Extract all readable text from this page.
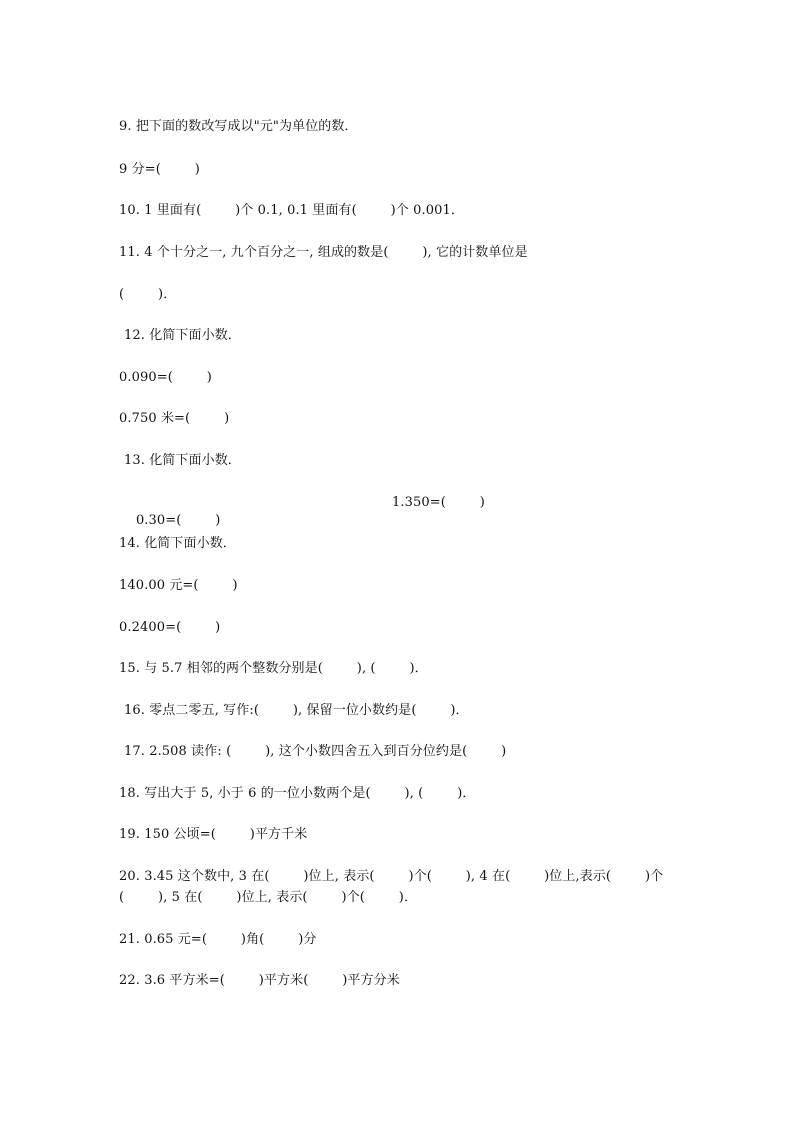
9. 把下面的数改写成以"元"为单位的数．
9 分=(        )
10. 1 里面有(        )个 0.1, 0.1 里面有(        )个 0.001．
11. 4 个十分之一, 九个百分之一, 组成的数是(        ), 它的计数单位是
(        )．
12. 化简下面小数．
0.090=(        )
0.750 米=(        )
13. 化简下面小数．

0.30=(        )

1.350=(        )

14. 化简下面小数．
140.00 元=(        )
0.2400=(        )
15. 与 5.7 相邻的两个整数分别是(        ), (        )．
16. 零点二零五, 写作:(        ), 保留一位小数约是(        )．
17. 2.508 读作: (        ), 这个小数四舍五入到百分位约是(        )
18. 写出大于 5, 小于 6 的一位小数两个是(        ), (        )．
19. 150 公顷=(        )平方千米
20. 3.45 这个数中, 3 在(        )位上, 表示(        )个(        ), 4 在(        )位上,表示(        )个
(        ), 5 在(        )位上, 表示(        )个(        )．
21. 0.65 元=(        )角(        )分
22. 3.6 平方米=(        )平方米(        )平方分米
